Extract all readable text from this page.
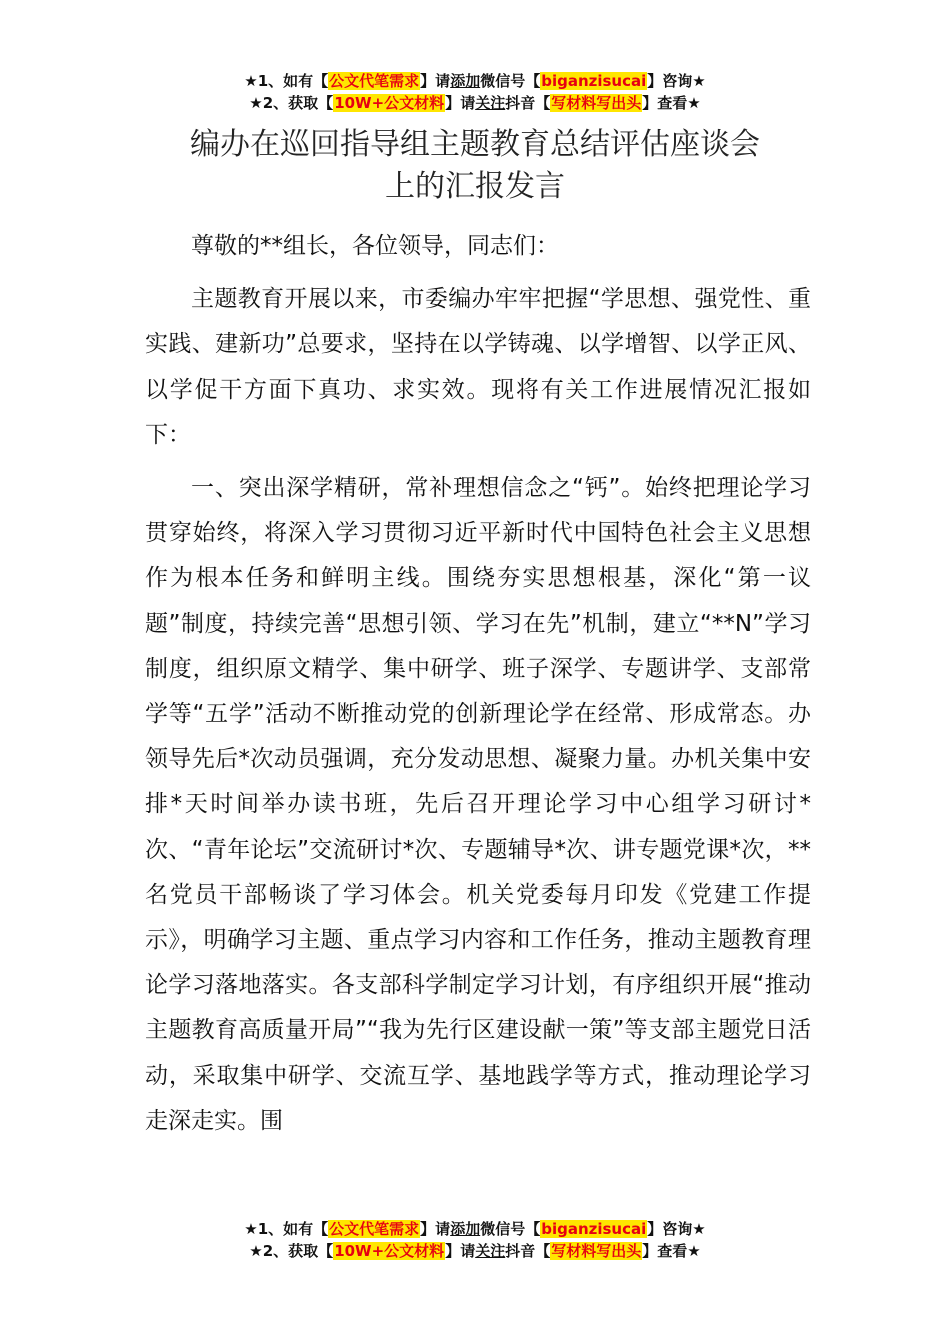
★1、如有【公文代笔需求】请添加微信号【biganzisucai】咨询★
★2、获取【10W+公文材料】请关注抖音【写材料写出头】查看★
编办在巡回指导组主题教育总结评估座谈会
上的汇报发言

尊敬的**组长，各位领导，同志们：

主题教育开展以来，市委编办牢牢把握“学思想、强党性、重实践、建新功”总要求，坚持在以学铸魂、以学增智、以学正风、以学促干方面下真功、求实效。现将有关工作进展情况汇报如下：

一、突出深学精研，常补理想信念之“钙”。始终把理论学习贯穿始终，将深入学习贯彻习近平新时代中国特色社会主义思想作为根本任务和鲜明主线。围绕夯实思想根基，深化“第一议题”制度，持续完善“思想引领、学习在先”机制，建立“**N”学习制度，组织原文精学、集中研学、班子深学、专题讲学、支部常学等“五学”活动不断推动党的创新理论学在经常、形成常态。办领导先后*次动员强调，充分发动思想、凝聚力量。办机关集中安排*天时间举办读书班，先后召开理论学习中心组学习研讨*次、“青年论坛”交流研讨*次、专题辅导*次、讲专题党课*次，**名党员干部畅谈了学习体会。机关党委每月印发《党建工作提示》，明确学习主题、重点学习内容和工作任务，推动主题教育理论学习落地落实。各支部科学制定学习计划，有序组织开展“推动主题教育高质量开局”“我为先行区建设献一策”等支部主题党日活动，采取集中研学、交流互学、基地践学等方式，推动理论学习走深走实。围

★1、如有【公文代笔需求】请添加微信号【biganzisucai】咨询★
★2、获取【10W+公文材料】请关注抖音【写材料写出头】查看★
